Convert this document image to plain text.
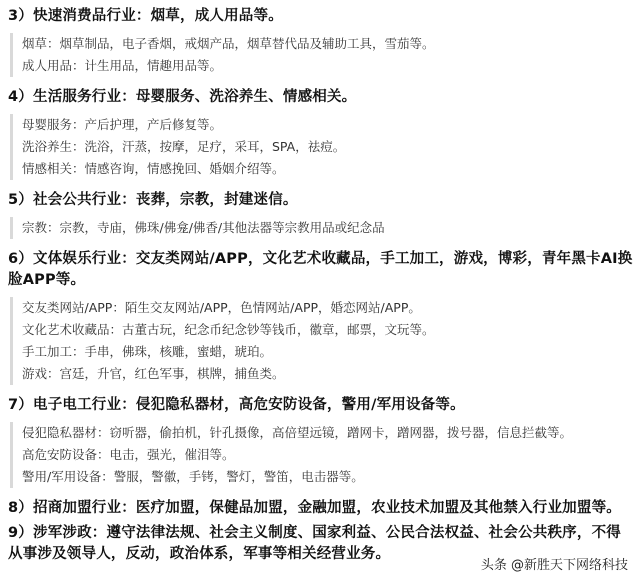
3）快速消费品行业：烟草，成人用品等。
烟草：烟草制品，电子香烟，戒烟产品，烟草替代品及辅助工具，雪茄等。
成人用品：计生用品，情趣用品等。
4）生活服务行业：母婴服务、洗浴养生、情感相关。
母婴服务：产后护理，产后修复等。
洗浴养生：洗浴，汗蒸，按摩，足疗，采耳，SPA，祛痘。
情感相关：情感咨询，情感挽回、婚姻介绍等。
5）社会公共行业：丧葬，宗教，封建迷信。
宗教：宗教，寺庙，佛珠/佛龛/佛香/其他法器等宗教用品或纪念品
6）文体娱乐行业：交友类网站/APP，文化艺术收藏品，手工加工，游戏，博彩，青年黑卡AI换脸APP等。
交友类网站/APP：陌生交友网站/APP，色情网站/APP，婚恋网站/APP。
文化艺术收藏品：古董古玩，纪念币纪念钞等钱币，徽章，邮票，文玩等。
手工加工：手串，佛珠，核雕，蜜蜡，琥珀。
游戏：宫廷，升官，红色军事，棋牌，捕鱼类。
7）电子电工行业：侵犯隐私器材，高危安防设备，警用/军用设备等。
侵犯隐私器材：窃听器，偷拍机，针孔摄像，高倍望远镜，蹭网卡，蹭网器，拨号器，信息拦截等。
高危安防设备：电击，强光，催泪等。
警用/军用设备：警服，警徽，手铐，警灯，警笛，电击器等。
8）招商加盟行业：医疗加盟，保健品加盟，金融加盟，农业技术加盟及其他禁入行业加盟等。
9）涉军涉政：遵守法律法规、社会主义制度、国家利益、公民合法权益、社会公共秩序，不得从事涉及领导人，反动，政治体系，军事等相关经营业务。
头条 @新胜天下网络科技
